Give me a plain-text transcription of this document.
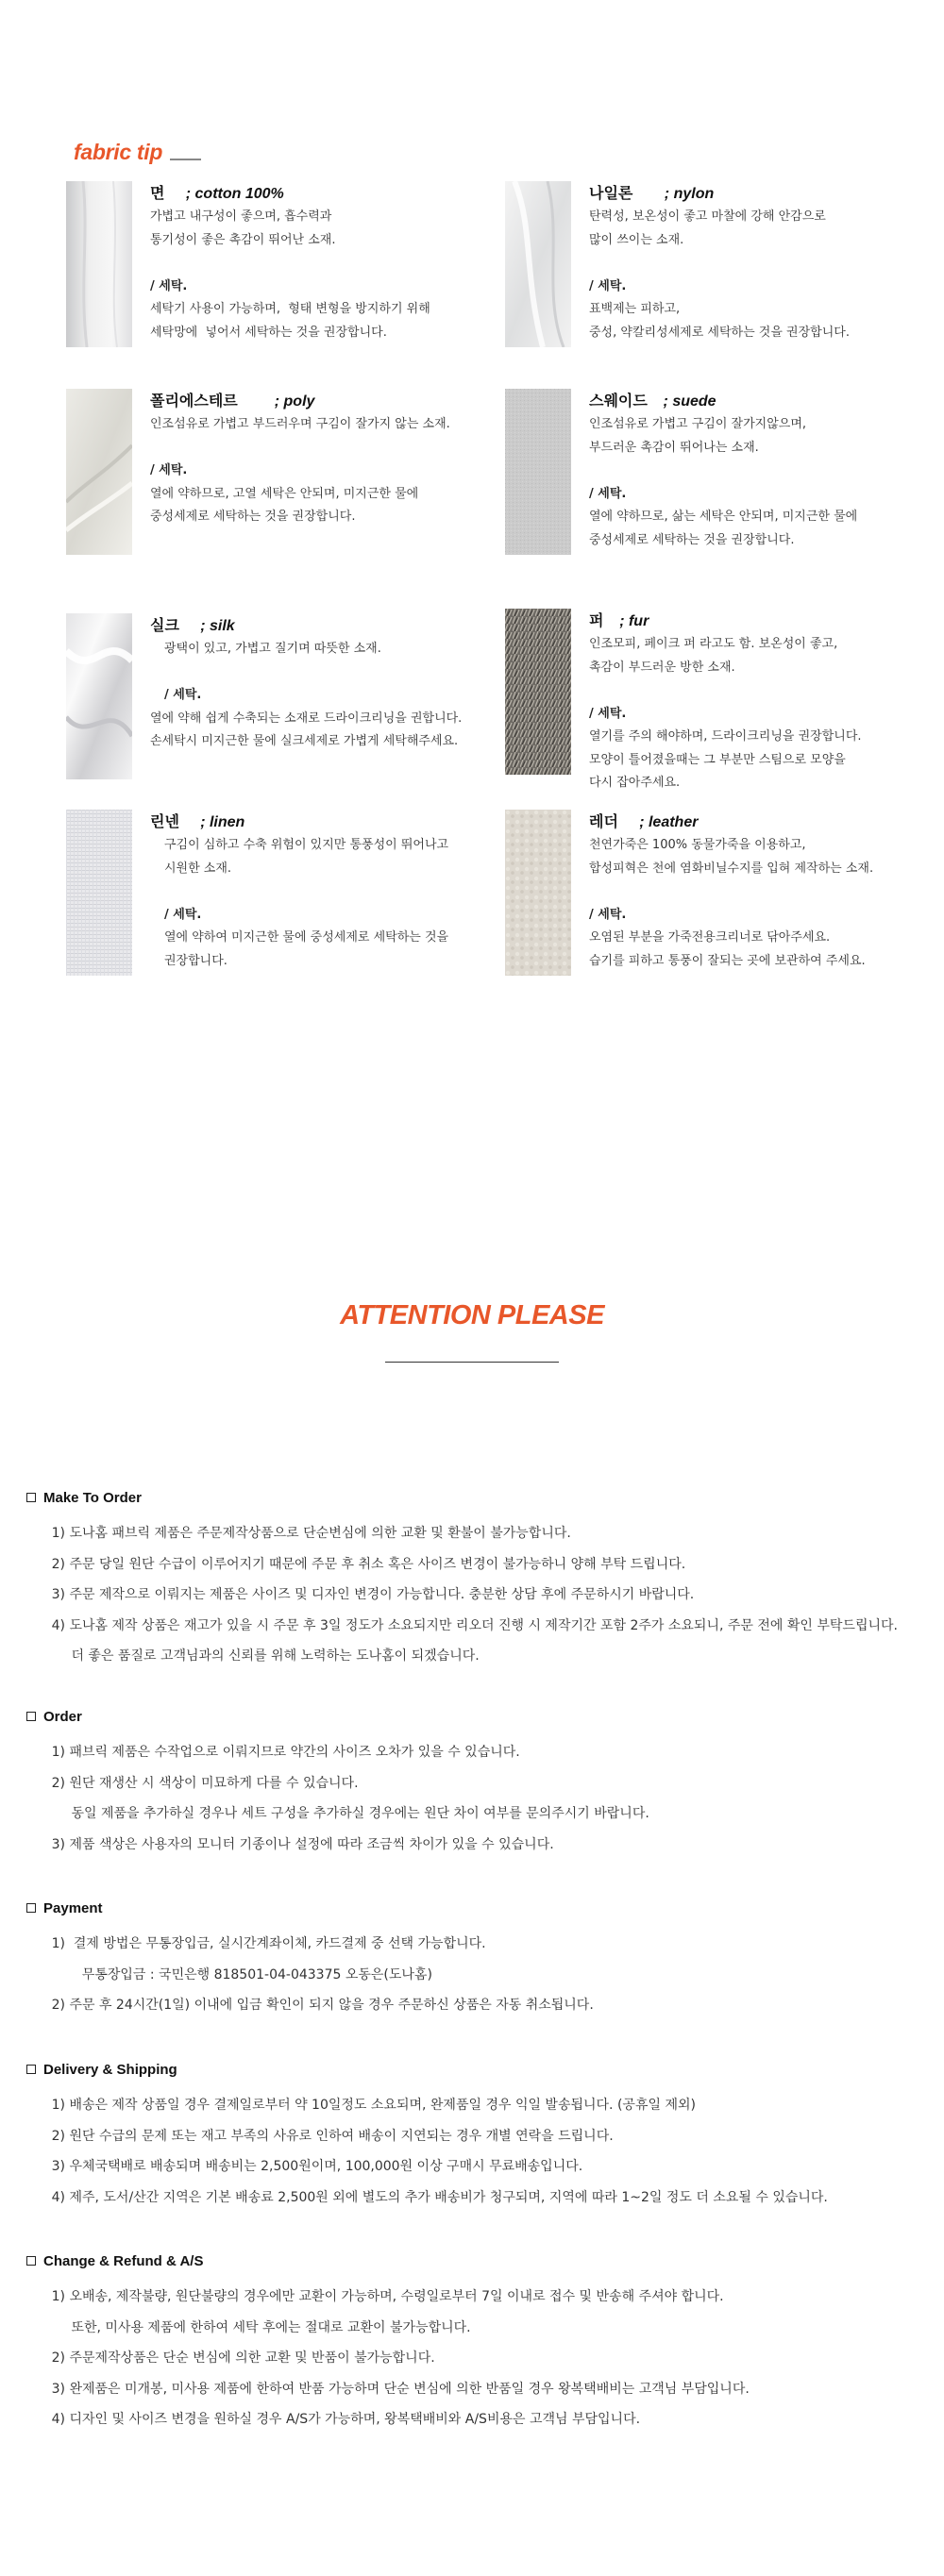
fabric tip
면 ; cotton 100%
가볍고 내구성이 좋으며, 흡수력과
통기성이 좋은 촉감이 뛰어난 소재.
/ 세탁.
세탁기 사용이 가능하며,  형태 변형을 방지하기 위해
세탁망에  넣어서 세탁하는 것을 권장합니다.
나일론 ; nylon
탄력성, 보온성이 좋고 마찰에 강해 안감으로
많이 쓰이는 소재.
/ 세탁.
표백제는 피하고,
중성, 약칼리성세제로 세탁하는 것을 권장합니다.
폴리에스테르 ; poly
인조섬유로 가볍고 부드러우며 구김이 잘가지 않는 소재.
/ 세탁.
열에 약하므로, 고열 세탁은 안되며, 미지근한 물에
중성세제로 세탁하는 것을 권장합니다.
스웨이드 ; suede
인조섬유로 가볍고 구김이 잘가지않으며,
부드러운 촉감이 뛰어나는 소재.
/ 세탁.
열에 약하므로, 삶는 세탁은 안되며, 미지근한 물에
중성세제로 세탁하는 것을 권장합니다.
실크 ; silk
광택이 있고, 가볍고 질기며 따뜻한 소재.
/ 세탁.
열에 약해 쉽게 수축되는 소재로 드라이크리닝을 권합니다.
손세탁시 미지근한 물에 실크세제로 가볍게 세탁해주세요.
퍼 ; fur
인조모피, 페이크 퍼 라고도 함. 보온성이 좋고,
촉감이 부드러운 방한 소재.
/ 세탁.
열기를 주의 해야하며, 드라이크리닝을 권장합니다.
모양이 틀어졌을때는 그 부분만 스팀으로 모양을
다시 잡아주세요.
린넨 ; linen
구김이 심하고 수축 위험이 있지만 통풍성이 뛰어나고
시원한 소재.
/ 세탁.
열에 약하여 미지근한 물에 중성세제로 세탁하는 것을
권장합니다.
레더 ; leather
천연가죽은 100% 동물가죽을 이용하고,
합성피혁은 천에 염화비닐수지를 입혀 제작하는 소재.
/ 세탁.
오염된 부분을 가죽전용크리너로 닦아주세요.
습기를 피하고 통풍이 잘되는 곳에 보관하여 주세요.
ATTENTION PLEASE
Make To Order
1)
도나홈 패브릭 제품은 주문제작상품으로 단순변심에 의한 교환 및 환불이 불가능합니다.
2)
주문 당일 원단 수급이 이루어지기 때문에 주문 후 취소 혹은 사이즈 변경이 불가능하니 양해 부탁 드립니다.
3)
주문 제작으로 이뤄지는 제품은 사이즈 및 디자인 변경이 가능합니다. 충분한 상담 후에 주문하시기 바랍니다.
4)
도나홈 제작 상품은 재고가 있을 시 주문 후 3일 정도가 소요되지만 리오더 진행 시 제작기간 포함 2주가 소요되니, 주문 전에 확인 부탁드립니다.

더 좋은 품질로 고객님과의 신뢰를 위해 노력하는 도나홈이 되겠습니다.
Order
1)
패브릭 제품은 수작업으로 이뤄지므로 약간의 사이즈 오차가 있을 수 있습니다.
2)
원단 재생산 시 색상이 미묘하게 다를 수 있습니다.

동일 제품을 추가하실 경우나 세트 구성을 추가하실 경우에는 원단 차이 여부를 문의주시기 바랍니다.
3)
제품 색상은 사용자의 모니터 기종이나 설정에 따라 조금씩 차이가 있을 수 있습니다.
Payment
1)
결제 방법은 무통장입금, 실시간계좌이체, 카드결제 중 선택 가능합니다.

무통장입금 : 국민은행 818501-04-043375 오동은(도나홈)
2)
주문 후 24시간(1일) 이내에 입금 확인이 되지 않을 경우 주문하신 상품은 자동 취소됩니다.
Delivery & Shipping
1)
배송은 제작 상품일 경우 결제일로부터 약 10일정도 소요되며, 완제품일 경우 익일 발송됩니다. (공휴일 제외)
2)
원단 수급의 문제 또는 재고 부족의 사유로 인하여 배송이 지연되는 경우 개별 연락을 드립니다.
3)
우체국택배로 배송되며 배송비는 2,500원이며, 100,000원 이상 구매시 무료배송입니다.
4)
제주, 도서/산간 지역은 기본 배송료 2,500원 외에 별도의 추가 배송비가 청구되며, 지역에 따라 1~2일 정도 더 소요될 수 있습니다.
Change & Refund & A/S
1)
오배송, 제작불량, 원단불량의 경우에만 교환이 가능하며, 수령일로부터 7일 이내로 접수 및 반송해 주셔야 합니다.

또한, 미사용 제품에 한하여 세탁 후에는 절대로 교환이 불가능합니다.
2)
주문제작상품은 단순 변심에 의한 교환 및 반품이 불가능합니다.
3)
완제품은 미개봉, 미사용 제품에 한하여 반품 가능하며 단순 변심에 의한 반품일 경우 왕복택배비는 고객님 부담입니다.
4)
디자인 및 사이즈 변경을 원하실 경우 A/S가 가능하며, 왕복택배비와 A/S비용은 고객님 부담입니다.
